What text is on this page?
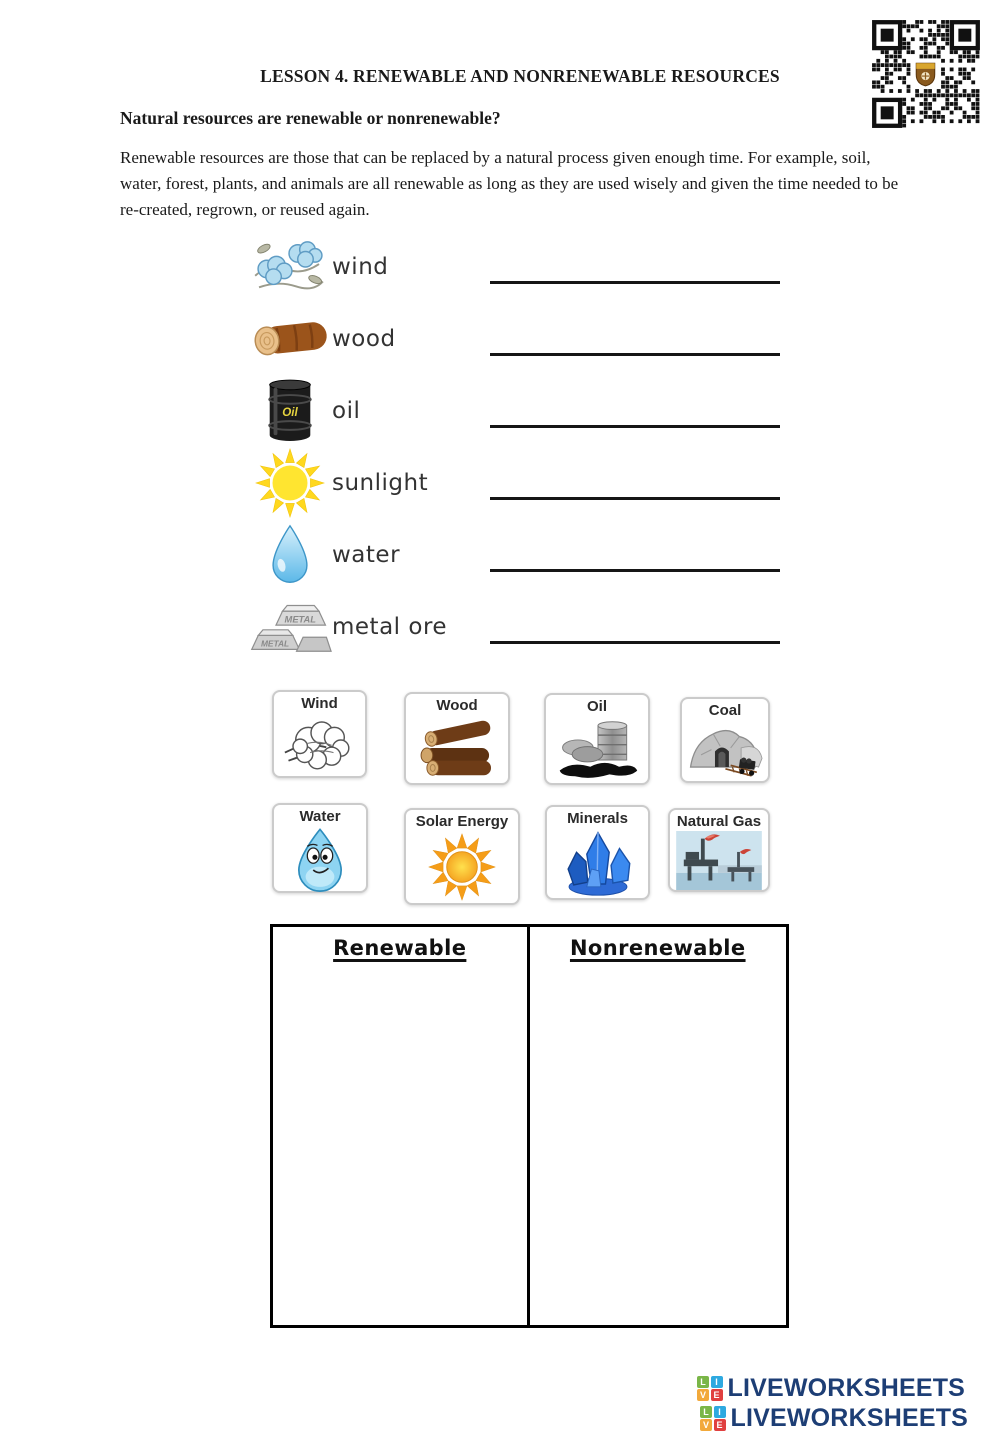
LESSON 4. RENEWABLE AND NONRENEWABLE RESOURCES
Natural resources are renewable or nonrenewable?
Renewable resources are those that can be replaced by a natural process given enough time. For example, soil, water, forest, plants, and animals are all renewable as long as they are used wisely and given the time needed to be re-created, regrown, or reused again.
wind
wood
Oil oil
sunlight
water
METAL
METAL
metal ore
Wind	Wood	Oil	Coal
Water	Solar Energy	Minerals	Natural Gas
Renewable	Nonrenewable
L	I
V E LIVEWORKSHEETS
L	I
V E LIVEWORKSHEETS
